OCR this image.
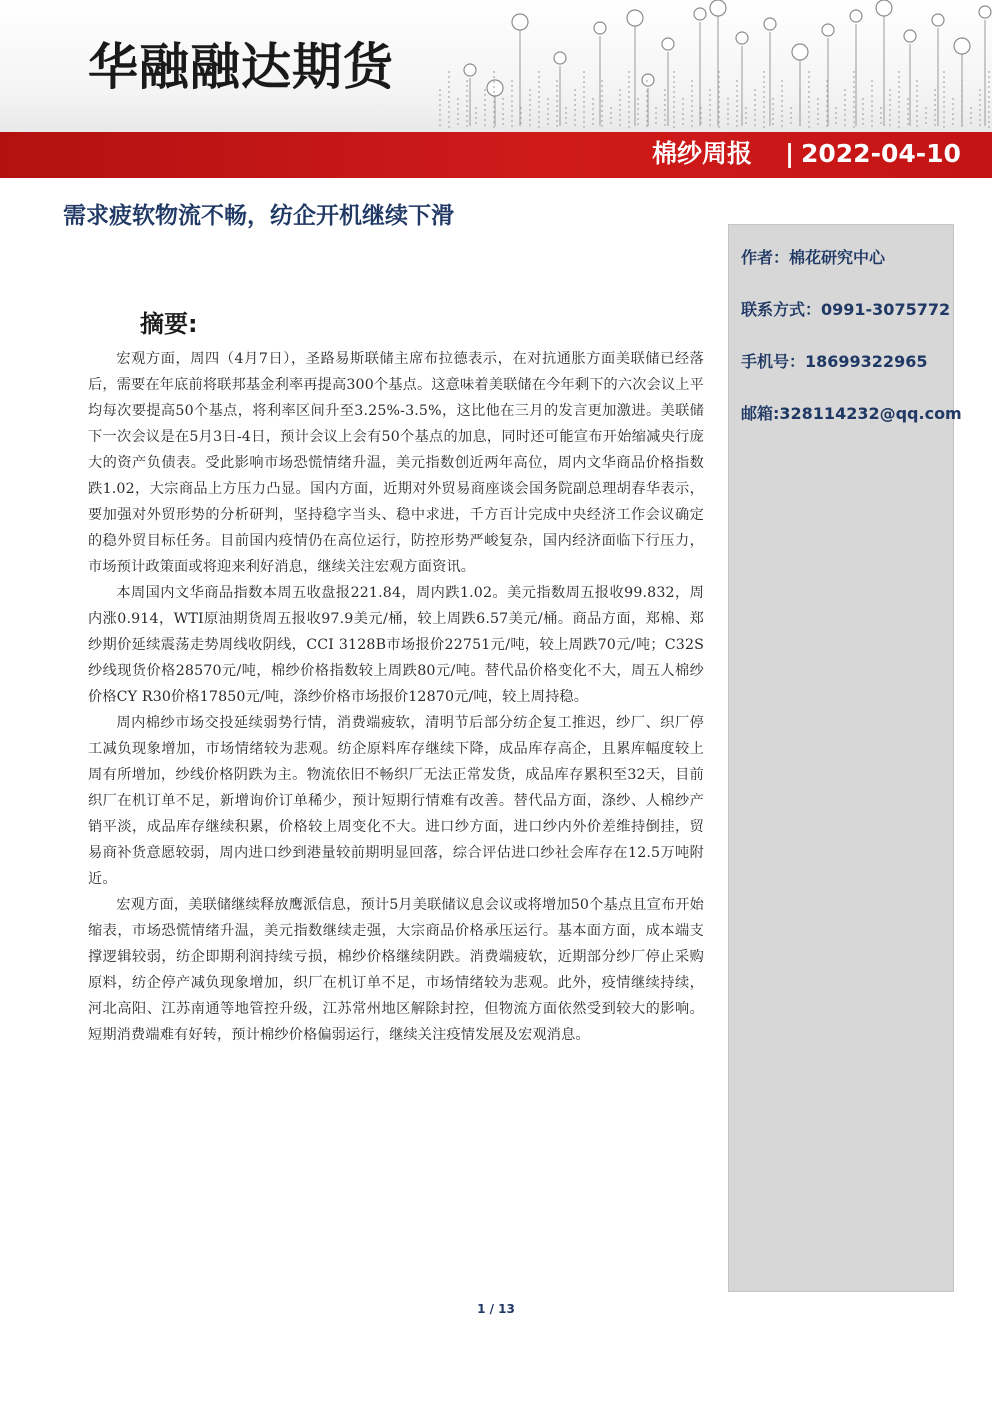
华融融达期货
棉纱周报 | 2022-04-10
需求疲软物流不畅，纺企开机继续下滑
作者：棉花研究中心
联系方式：0991-3075772
手机号：18699322965
邮箱:328114232@qq.com
摘要:

宏观方面，周四（4月7日），圣路易斯联储主席布拉德表示，在对抗通胀方面美联储已经落后，需要在年底前将联邦基金利率再提高300个基点。这意味着美联储在今年剩下的六次会议上平均每次要提高50个基点，将利率区间升至3.25%-3.5%，这比他在三月的发言更加激进。美联储下一次会议是在5月3日-4日，预计会议上会有50个基点的加息，同时还可能宣布开始缩减央行庞大的资产负债表。受此影响市场恐慌情绪升温，美元指数创近两年高位，周内文华商品价格指数跌1.02，大宗商品上方压力凸显。国内方面，近期对外贸易商座谈会国务院副总理胡春华表示，要加强对外贸形势的分析研判，坚持稳字当头、稳中求进，千方百计完成中央经济工作会议确定的稳外贸目标任务。目前国内疫情仍在高位运行，防控形势严峻复杂，国内经济面临下行压力，市场预计政策面或将迎来利好消息，继续关注宏观方面资讯。

本周国内文华商品指数本周五收盘报221.84，周内跌1.02。美元指数周五报收99.832，周内涨0.914，WTI原油期货周五报收97.9美元/桶，较上周跌6.57美元/桶。商品方面，郑棉、郑纱期价延续震荡走势周线收阴线，CCI 3128B市场报价22751元/吨，较上周跌70元/吨；C32S纱线现货价格28570元/吨，棉纱价格指数较上周跌80元/吨。替代品价格变化不大，周五人棉纱价格CY R30价格17850元/吨，涤纱价格市场报价12870元/吨，较上周持稳。

周内棉纱市场交投延续弱势行情，消费端疲软，清明节后部分纺企复工推迟，纱厂、织厂停工减负现象增加，市场情绪较为悲观。纺企原料库存继续下降，成品库存高企，且累库幅度较上周有所增加，纱线价格阴跌为主。物流依旧不畅织厂无法正常发货，成品库存累积至32天，目前织厂在机订单不足，新增询价订单稀少，预计短期行情难有改善。替代品方面，涤纱、人棉纱产销平淡，成品库存继续积累，价格较上周变化不大。进口纱方面，进口纱内外价差维持倒挂，贸易商补货意愿较弱，周内进口纱到港量较前期明显回落，综合评估进口纱社会库存在12.5万吨附近。

宏观方面，美联储继续释放鹰派信息，预计5月美联储议息会议或将增加50个基点且宣布开始缩表，市场恐慌情绪升温，美元指数继续走强，大宗商品价格承压运行。基本面方面，成本端支撑逻辑较弱，纺企即期利润持续亏损，棉纱价格继续阴跌。消费端疲软，近期部分纱厂停止采购原料，纺企停产减负现象增加，织厂在机订单不足，市场情绪较为悲观。此外，疫情继续持续，河北高阳、江苏南通等地管控升级，江苏常州地区解除封控，但物流方面依然受到较大的影响。短期消费端难有好转，预计棉纱价格偏弱运行，继续关注疫情发展及宏观消息。

1 / 13
